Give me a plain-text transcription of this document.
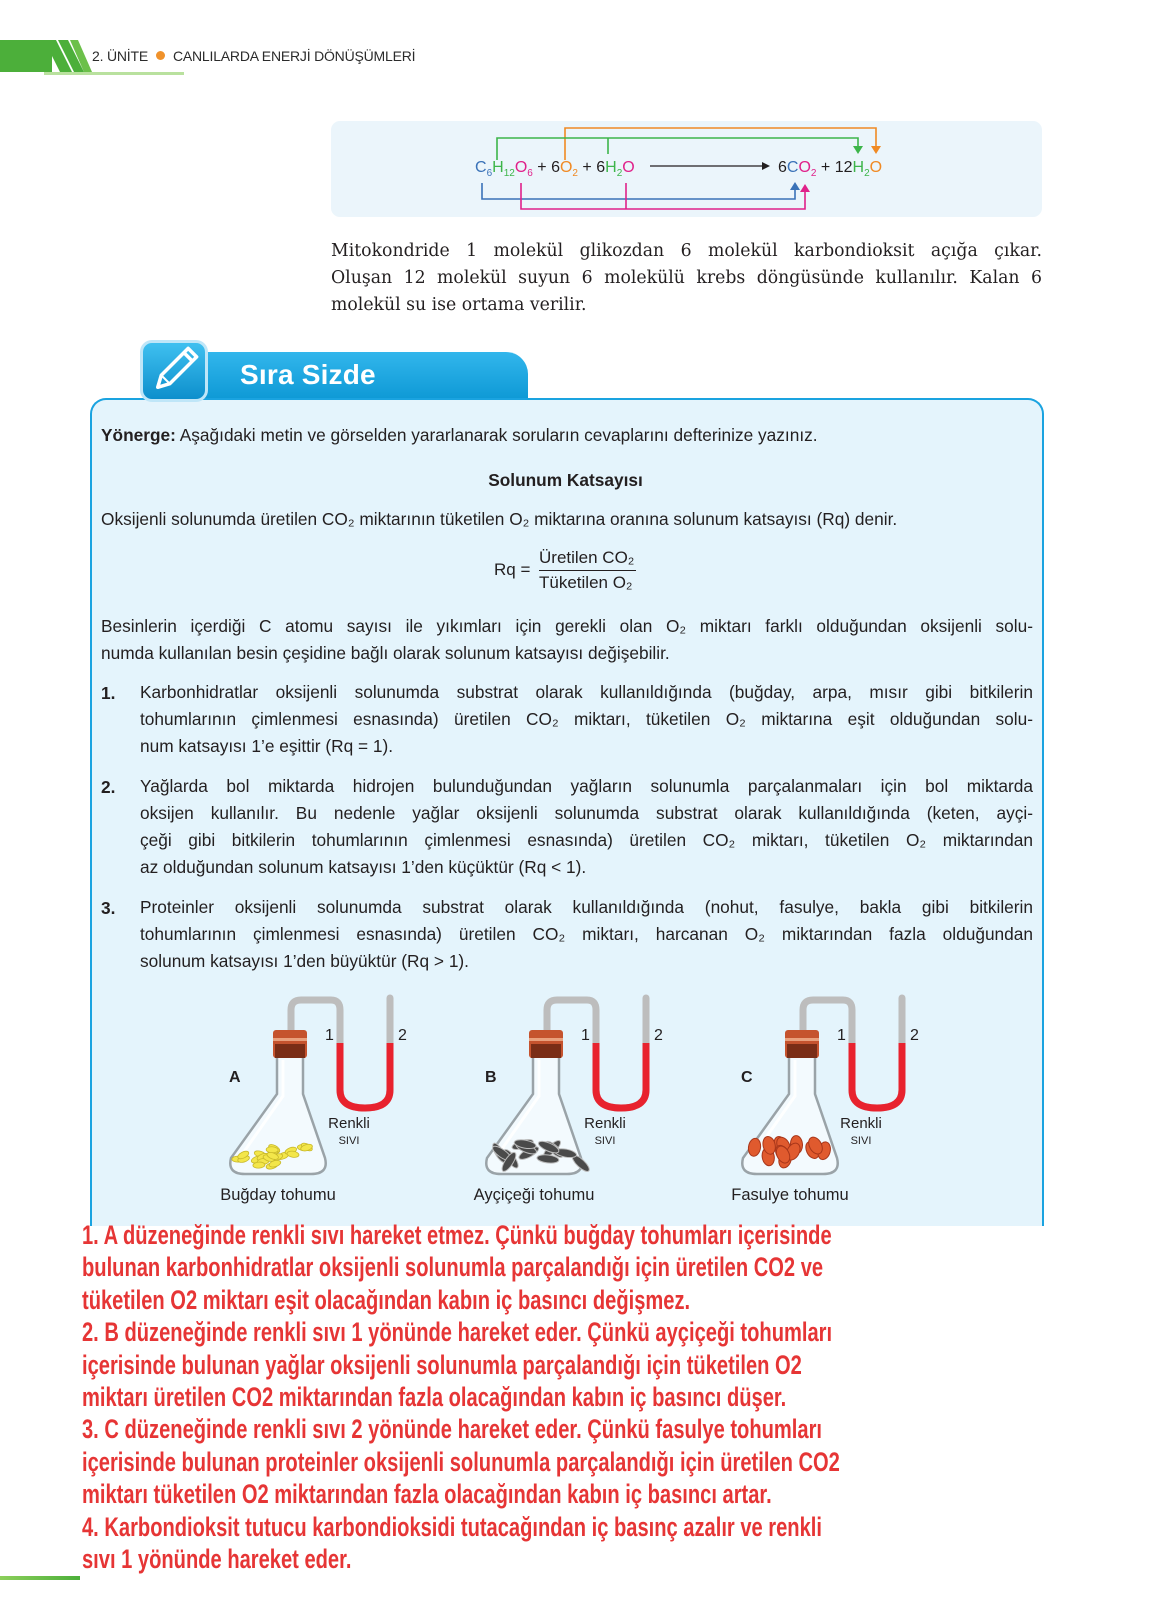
2. ÜNİTE CANLILARDA ENERJİ DÖNÜŞÜMLERİ
$C_6H_{12}O_6 + 6O_2 + 6H_2O$	$6CO_2 + 12H_2O$
Mitokondride 1 molekül glikozdan 6 molekül karbondioksit açığa çıkar.
Oluşan 12 molekül suyun 6 molekülü krebs döngüsünde kullanılır. Kalan 6
molekül su ise ortama verilir.
Sıra Sizde
Yönerge: Aşağıdaki metin ve görselden yararlanarak soruların cevaplarını defterinize yazınız.
Solunum Katsayısı
Oksijenli solunumda üretilen CO₂ miktarının tüketilen O₂ miktarına oranına solunum katsayısı (Rq) denir.
Rq =
Üretilen CO₂
Tüketilen O₂
Besinlerin içerdiği C atomu sayısı ile yıkımları için gerekli olan O₂ miktarı farklı olduğundan oksijenli solu-
numda kullanılan besin çeşidine bağlı olarak solunum katsayısı değişebilir.
1. Karbonhidratlar oksijenli solunumda substrat olarak kullanıldığında (buğday, arpa, mısır gibi bitkilerin
tohumlarının çimlenmesi esnasında) üretilen CO₂ miktarı, tüketilen O₂ miktarına eşit olduğundan solu-
num katsayısı 1’e eşittir (Rq = 1).
2. Yağlarda bol miktarda hidrojen bulunduğundan yağların solunumla parçalanmaları için bol miktarda
oksijen kullanılır. Bu nedenle yağlar oksijenli solunumda substrat olarak kullanıldığında (keten, ayçi-
çeği gibi bitkilerin tohumlarının çimlenmesi esnasında) üretilen CO₂ miktarı, tüketilen O₂ miktarından
az olduğundan solunum katsayısı 1’den küçüktür (Rq < 1).
3. Proteinler oksijenli solunumda substrat olarak kullanıldığında (nohut, fasulye, bakla gibi bitkilerin
tohumlarının çimlenmesi esnasında) üretilen CO₂ miktarı, harcanan O₂ miktarından fazla olduğundan
solunum katsayısı 1’den büyüktür (Rq > 1).
A
1	2
Renkli
SIVI
Buğday tohumu
B
1	2
Renkli
SIVI
Ayçiçeği tohumu
C
1	2
Renkli
SIVI
Fasulye tohumu
1. A düzeneğinde renkli sıvı hareket etmez. Çünkü buğday tohumları içerisinde
bulunan karbonhidratlar oksijenli solunumla parçalandığı için üretilen CO2 ve
tüketilen O2 miktarı eşit olacağından kabın iç basıncı değişmez.
2. B düzeneğinde renkli sıvı 1 yönünde hareket eder. Çünkü ayçiçeği tohumları
içerisinde bulunan yağlar oksijenli solunumla parçalandığı için tüketilen O2
miktarı üretilen CO2 miktarından fazla olacağından kabın iç basıncı düşer.
3. C düzeneğinde renkli sıvı 2 yönünde hareket eder. Çünkü fasulye tohumları
içerisinde bulunan proteinler oksijenli solunumla parçalandığı için üretilen CO2
miktarı tüketilen O2 miktarından fazla olacağından kabın iç basıncı artar.
4. Karbondioksit tutucu karbondioksidi tutacağından iç basınç azalır ve renkli
sıvı 1 yönünde hareket eder.
